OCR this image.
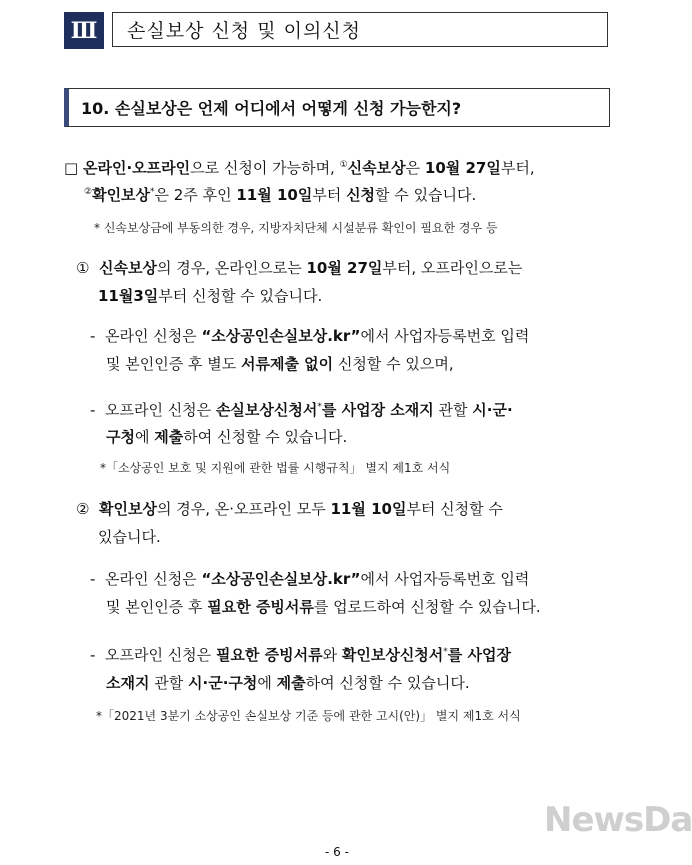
Ⅲ	손실보상 신청 및 이의신청
10. 손실보상은 언제 어디에서 어떻게 신청 가능한지?
□ 온라인·오프라인으로 신청이 가능하며, ①신속보상은 10월 27일부터,
②확인보상*은 2주 후인 11월 10일부터 신청할 수 있습니다.
* 신속보상금에 부동의한 경우, 지방자치단체 시설분류 확인이 필요한 경우 등
① 신속보상의 경우, 온라인으로는 10월 27일부터, 오프라인으로는
11월3일부터 신청할 수 있습니다.
- 온라인 신청은 “소상공인손실보상.kr”에서 사업자등록번호 입력
및 본인인증 후 별도 서류제출 없이 신청할 수 있으며,
- 오프라인 신청은 손실보상신청서*를 사업장 소재지 관할 시·군·
구청에 제출하여 신청할 수 있습니다.
*「소상공인 보호 및 지원에 관한 법률 시행규칙」 별지 제1호 서식
② 확인보상의 경우, 온·오프라인 모두 11월 10일부터 신청할 수
있습니다.
- 온라인 신청은 “소상공인손실보상.kr”에서 사업자등록번호 입력
및 본인인증 후 필요한 증빙서류를 업로드하여 신청할 수 있습니다.
- 오프라인 신청은 필요한 증빙서류와 확인보상신청서*를 사업장
소재지 관할 시·군·구청에 제출하여 신청할 수 있습니다.
*「2021년 3분기 소상공인 손실보상 기준 등에 관한 고시(안)」 별지 제1호 서식
NewsDa
- 6 -
